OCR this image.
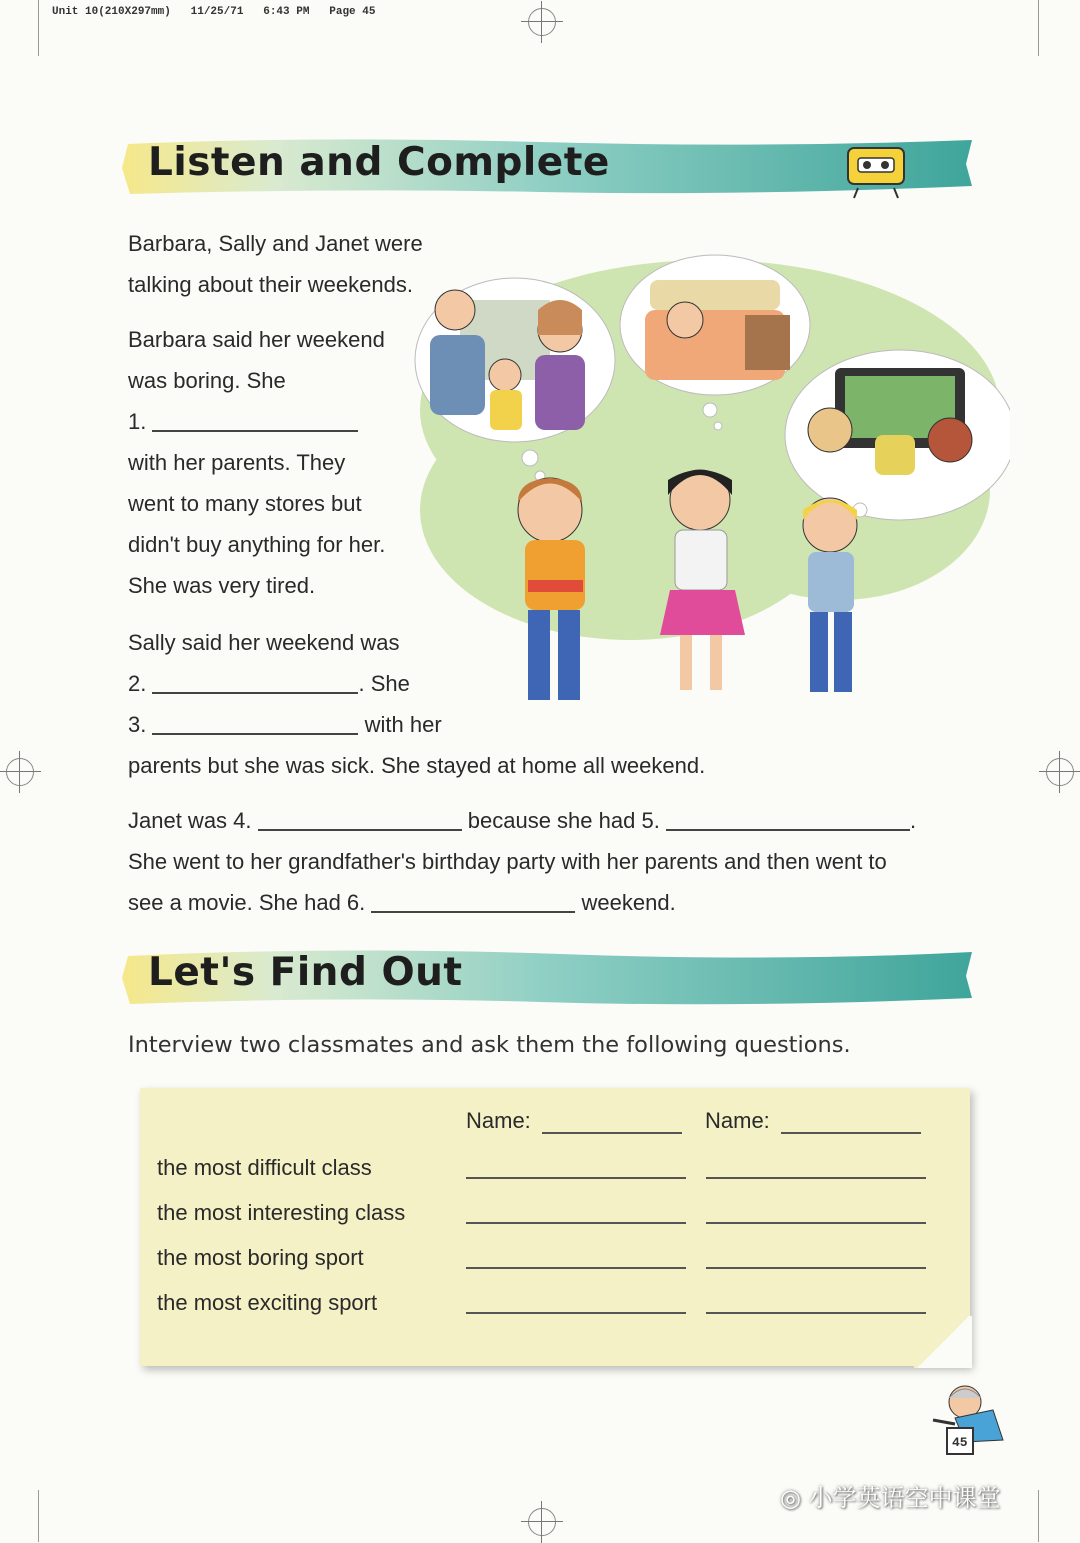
Unit 10(210X297mm)   11/25/71   6:43 PM   Page 45
Listen and Complete
Barbara, Sally and Janet were
talking about their weekends.
Barbara said her weekend
was boring. She
1.
with her parents. They
went to many stores but
didn't buy anything for her.
She was very tired.
Sally said her weekend was
2.	. She
3.	with her
parents but she was sick. She stayed at home all weekend.
Janet was 4.	because she had 5.	.
She went to her grandfather's birthday party with her parents and then went to
see a movie. She had 6.	weekend.
Let's Find Out
Interview two classmates and ask them the following questions.
Name:	Name:
the most difficult class
the most interesting class
the most boring sport
the most exciting sport
45
◎ 小学英语空中课堂
